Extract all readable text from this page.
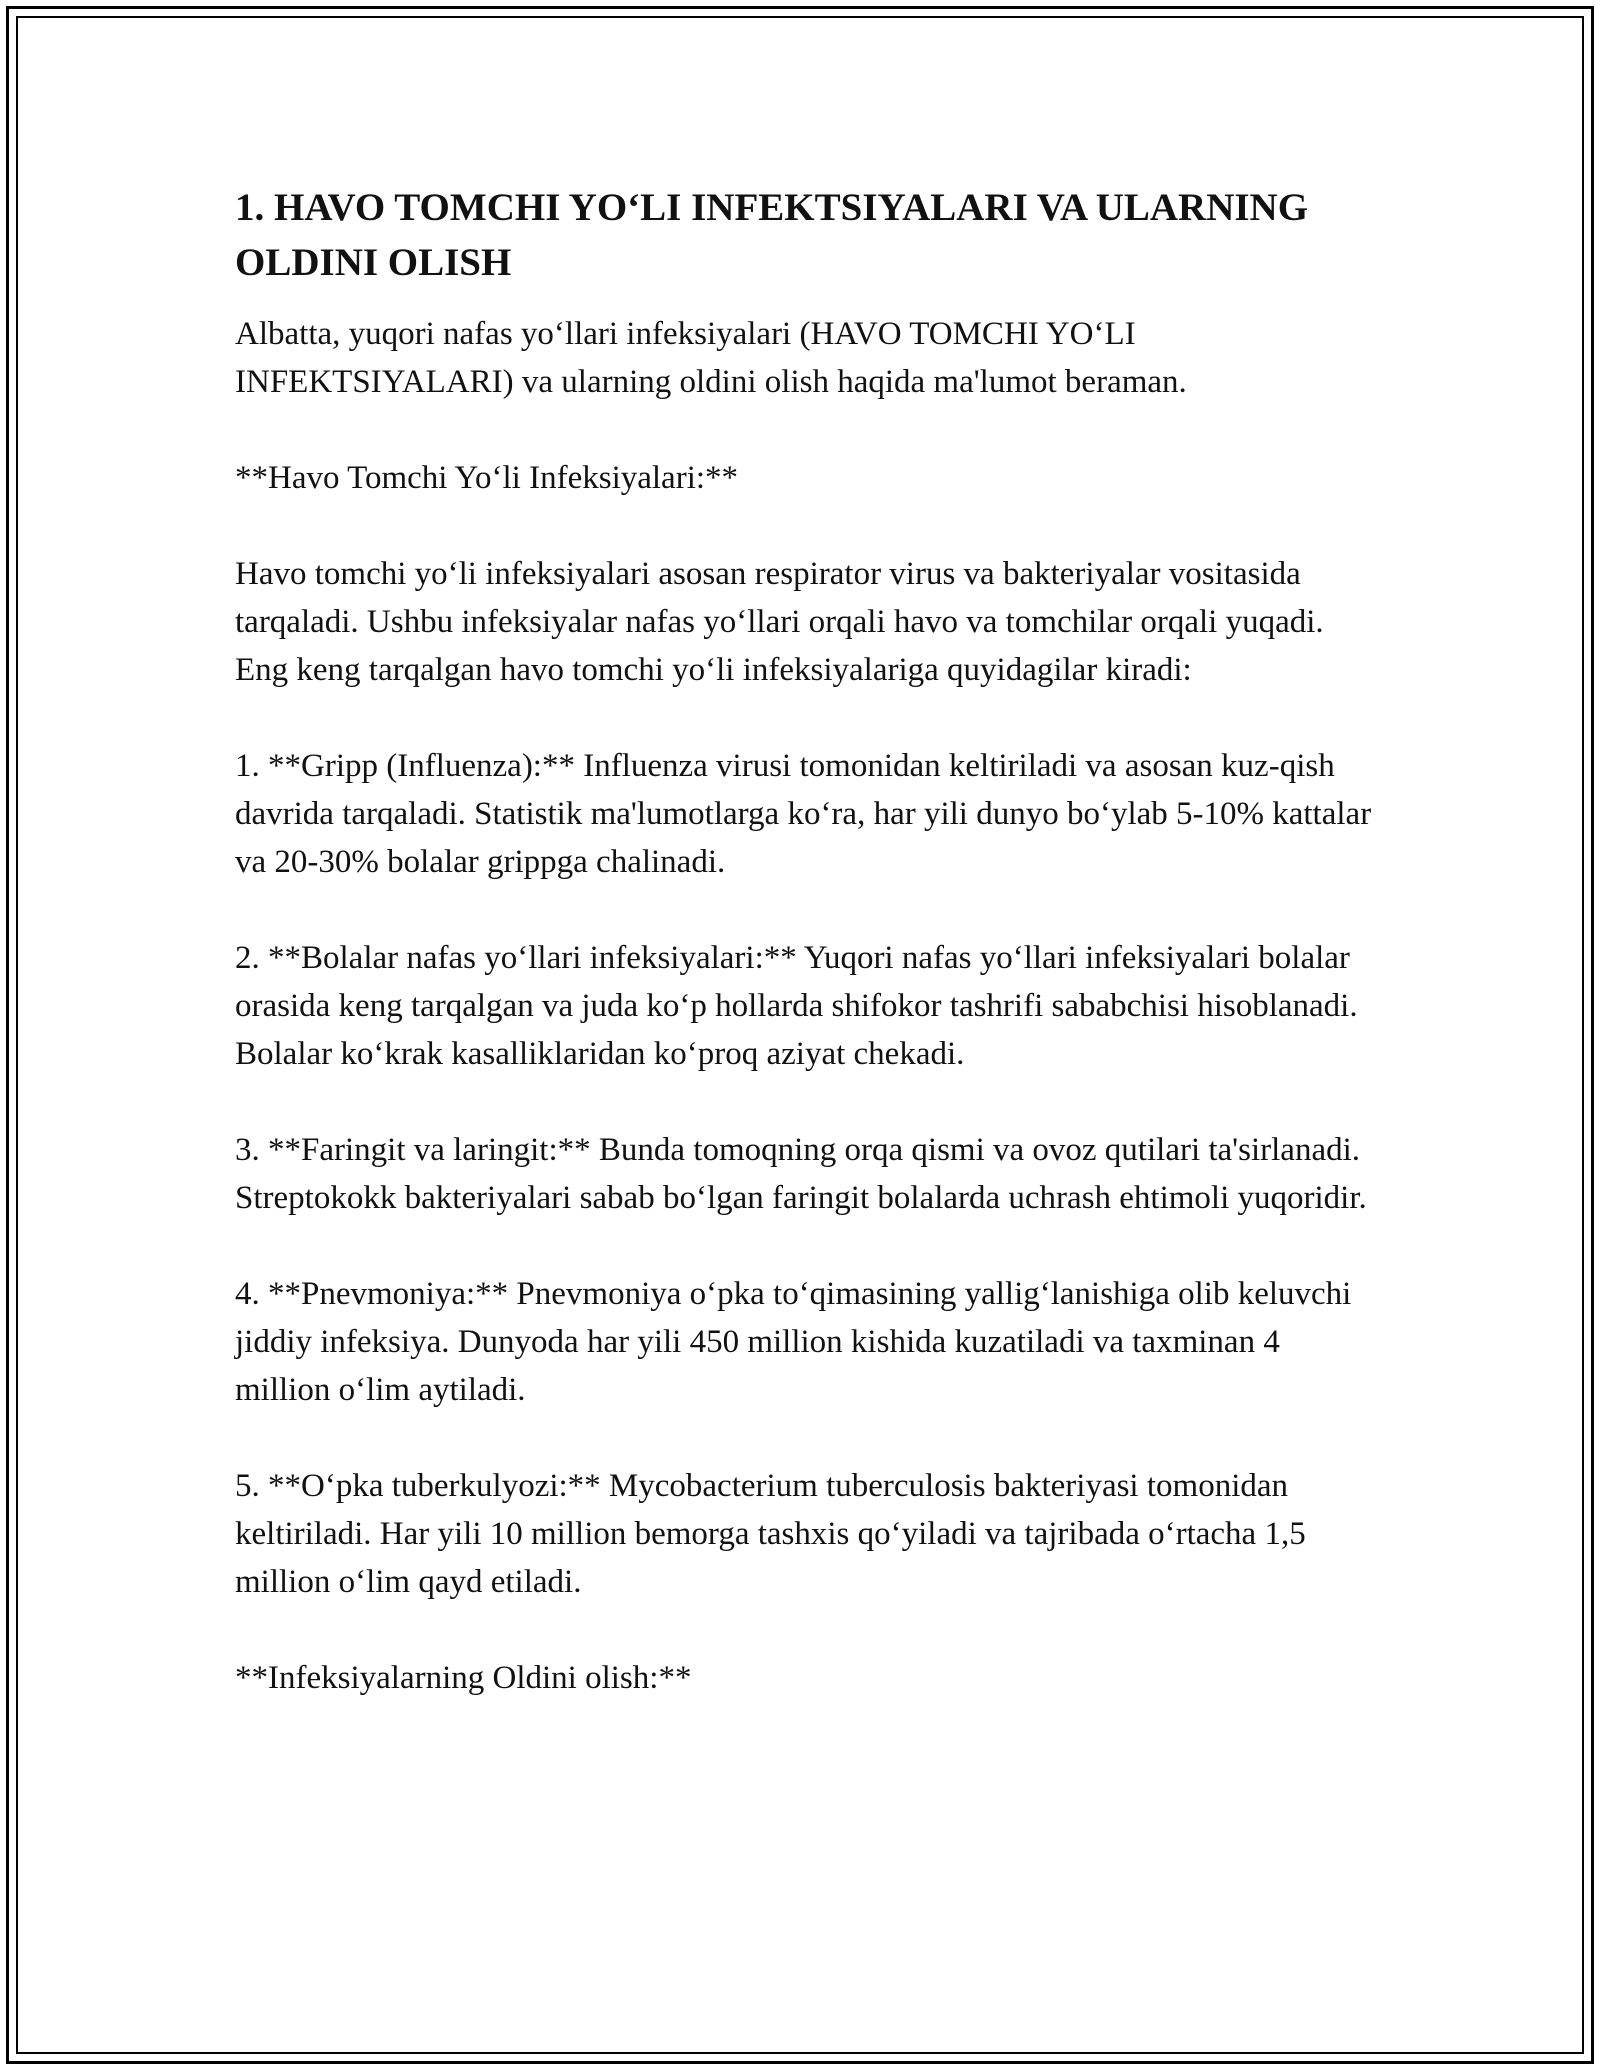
1. HAVO TOMCHI YO‘LI INFEKTSIYALARI VA ULARNING OLDINI OLISH

Albatta, yuqori nafas yo‘llari infeksiyalari (HAVO TOMCHI YO‘LI INFEKTSIYALARI) va ularning oldini olish haqida ma'lumot beraman.

**Havo Tomchi Yo‘li Infeksiyalari:**

Havo tomchi yo‘li infeksiyalari asosan respirator virus va bakteriyalar vositasida tarqaladi. Ushbu infeksiyalar nafas yo‘llari orqali havo va tomchilar orqali yuqadi. Eng keng tarqalgan havo tomchi yo‘li infeksiyalariga quyidagilar kiradi:

1. **Gripp (Influenza):** Influenza virusi tomonidan keltiriladi va asosan kuz-qish davrida tarqaladi. Statistik ma'lumotlarga ko‘ra, har yili dunyo bo‘ylab 5-10% kattalar va 20-30% bolalar grippga chalinadi.

2. **Bolalar nafas yo‘llari infeksiyalari:** Yuqori nafas yo‘llari infeksiyalari bolalar orasida keng tarqalgan va juda ko‘p hollarda shifokor tashrifi sababchisi hisoblanadi. Bolalar ko‘krak kasalliklaridan ko‘proq aziyat chekadi.

3. **Faringit va laringit:** Bunda tomoqning orqa qismi va ovoz qutilari ta'sirlanadi. Streptokokk bakteriyalari sabab bo‘lgan faringit bolalarda uchrash ehtimoli yuqoridir.

4. **Pnevmoniya:** Pnevmoniya o‘pka to‘qimasining yallig‘lanishiga olib keluvchi jiddiy infeksiya. Dunyoda har yili 450 million kishida kuzatiladi va taxminan 4 million o‘lim aytiladi.

5. **O‘pka tuberkulyozi:** Mycobacterium tuberculosis bakteriyasi tomonidan keltiriladi. Har yili 10 million bemorga tashxis qo‘yiladi va tajribada o‘rtacha 1,5 million o‘lim qayd etiladi.

**Infeksiyalarning Oldini olish:**
